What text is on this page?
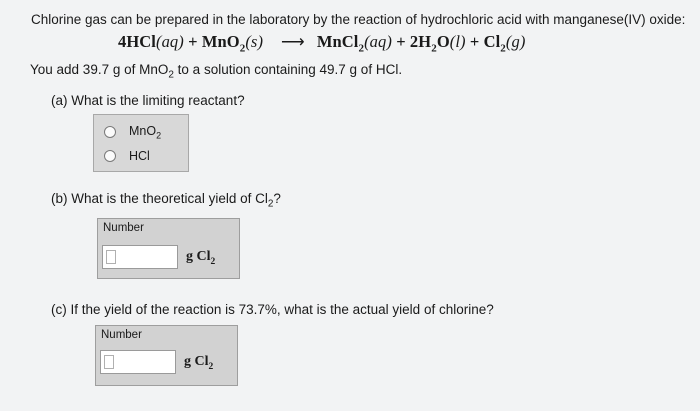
Chlorine gas can be prepared in the laboratory by the reaction of hydrochloric acid with manganese(IV) oxide:
4HCl(aq) + MnO$_2$(s) ⟶ MnCl$_2$(aq) + $2H_2O(l) + Cl_2(g)$
You add 39.7 g of MnO$_2$ to a solution containing 49.7 g of HCl.
(a) What is the limiting reactant?
MnO$_2$
HCl
(b) What is the theoretical yield of $Cl_2$?
Number
g $Cl_2$
(c) If the yield of the reaction is 73.7%, what is the actual yield of chlorine?
Number
g $Cl_2$
